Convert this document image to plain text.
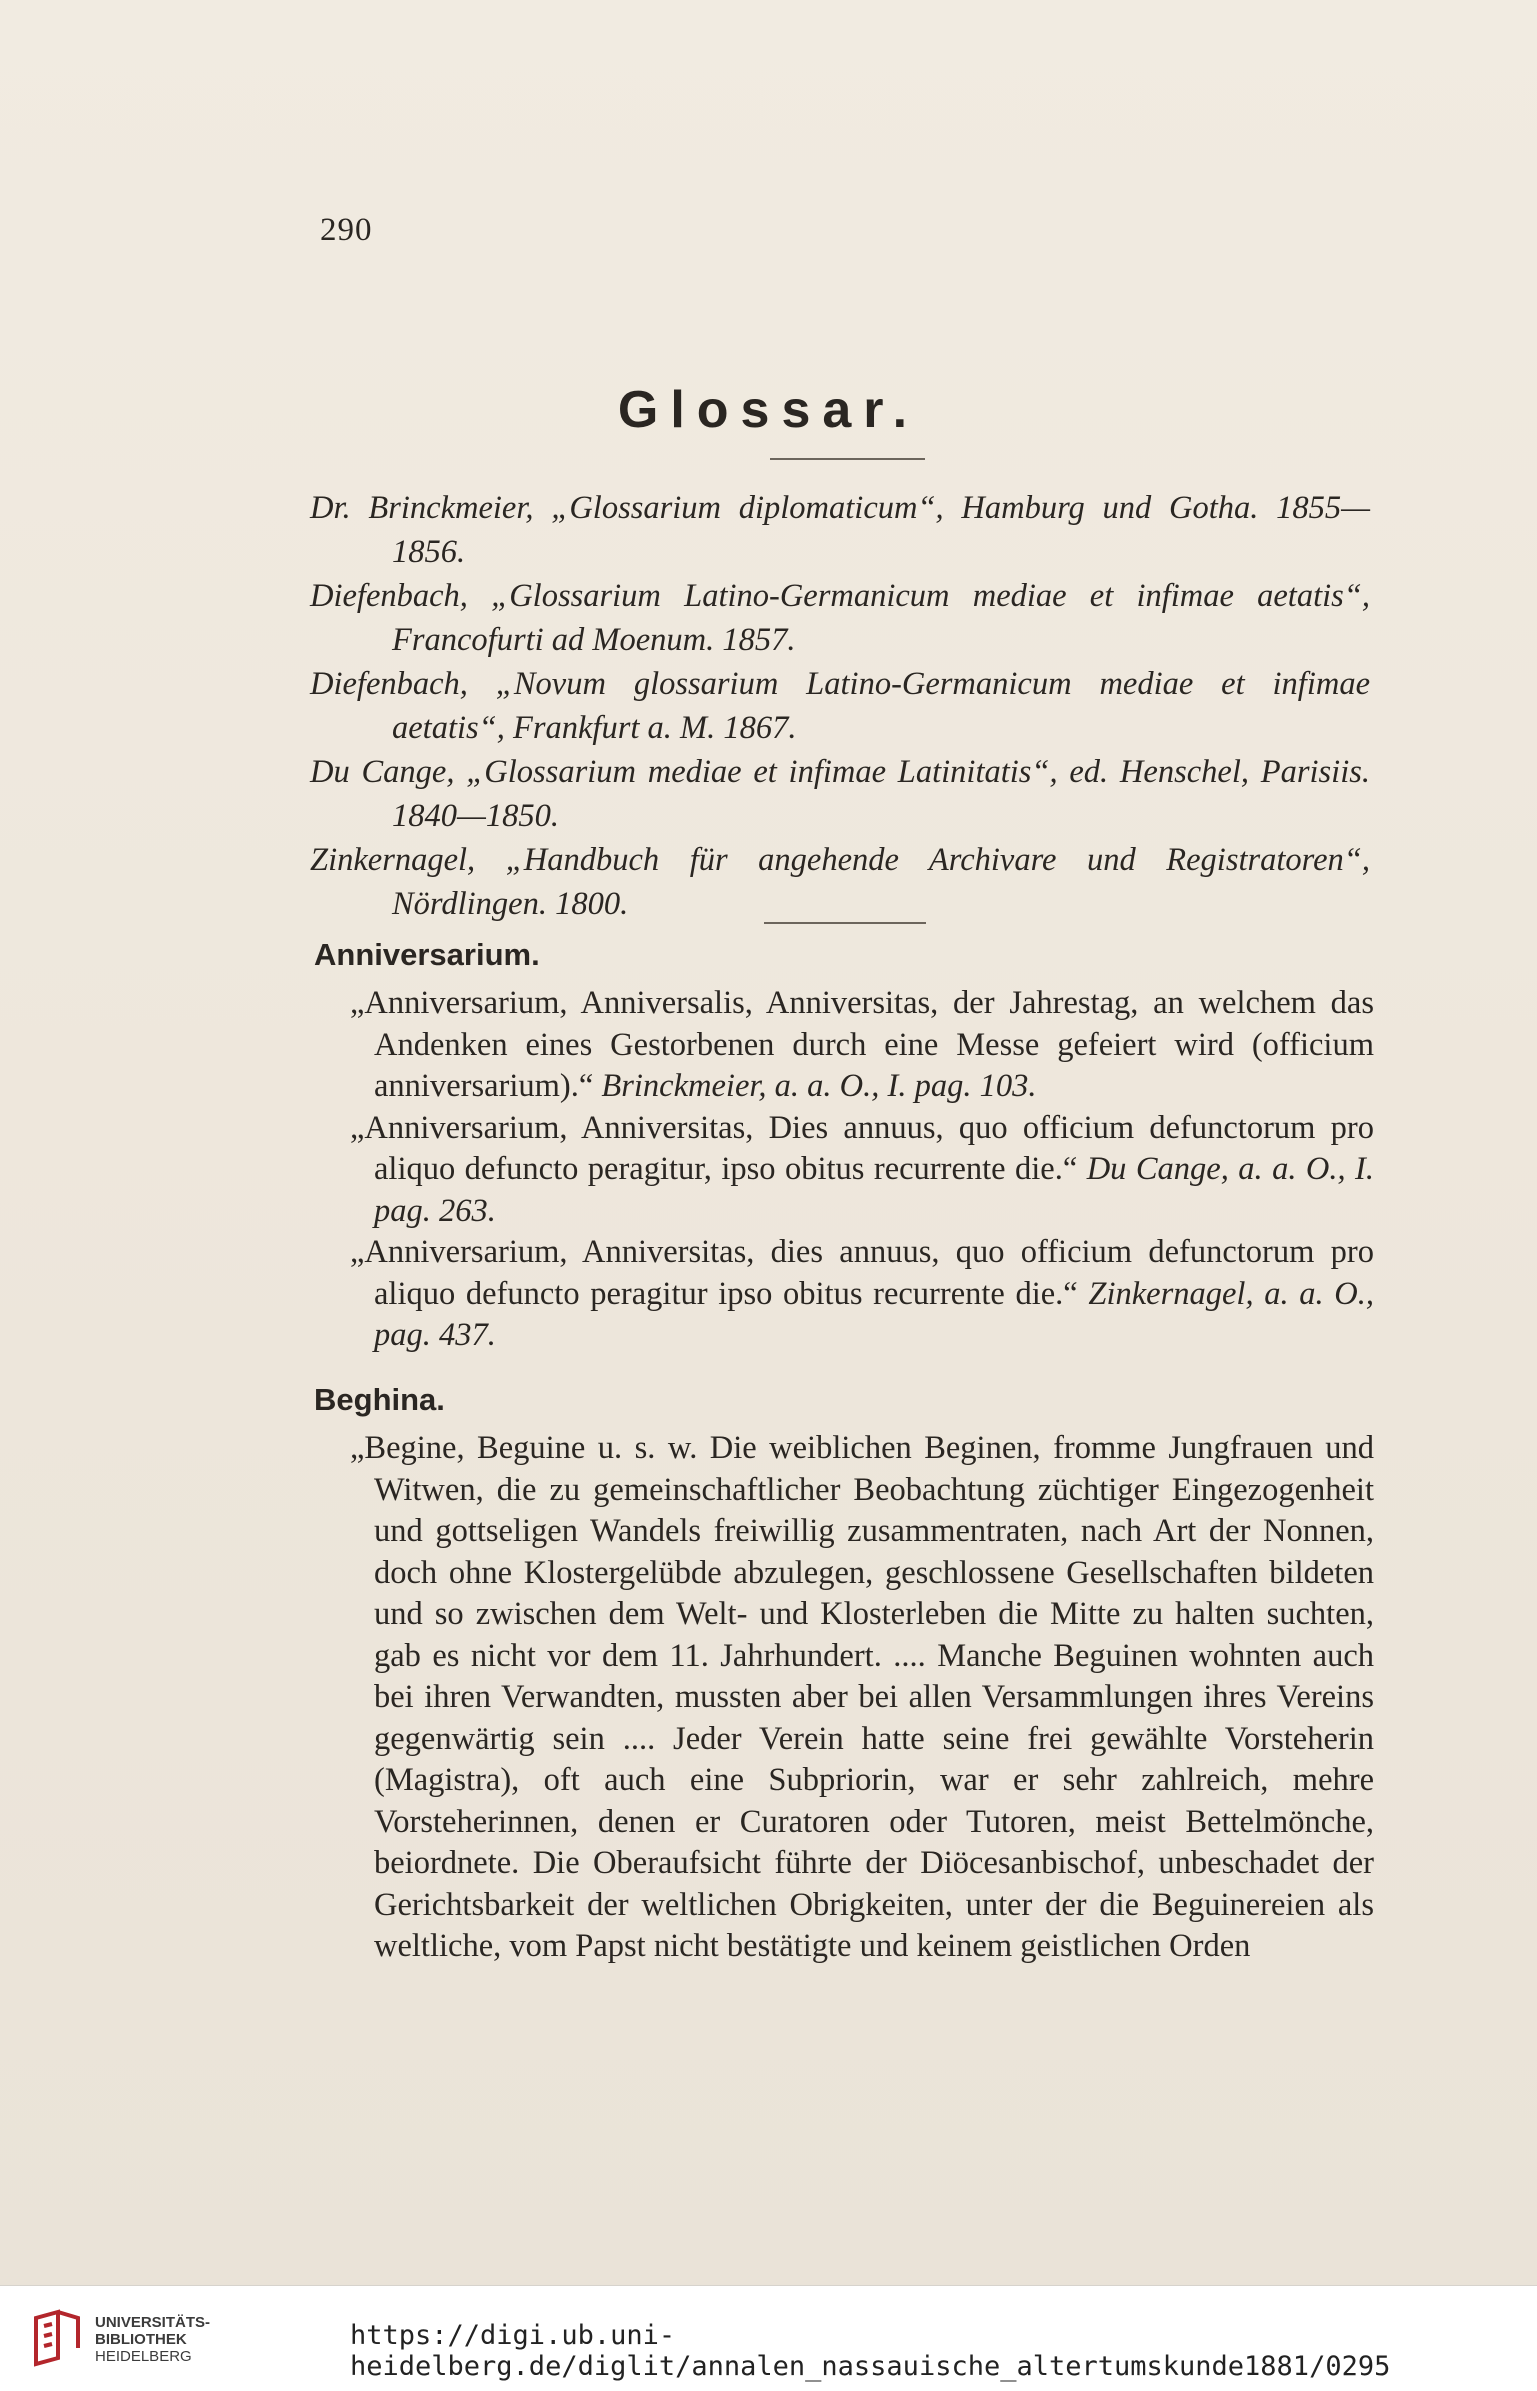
290
Glossar.

Dr. Brinckmeier, „Glossarium diplomaticum“, Hamburg und Gotha. 1855—1856.

Diefenbach, „Glossarium Latino-Germanicum mediae et infimae aetatis“, Francofurti ad Moenum. 1857.

Diefenbach, „Novum glossarium Latino-Germanicum mediae et infimae aetatis“, Frankfurt a. M. 1867.

Du Cange, „Glossarium mediae et infimae Latinitatis“, ed. Henschel, Parisiis. 1840—1850.

Zinkernagel, „Handbuch für angehende Archivare und Registratoren“, Nördlingen. 1800.

Anniversarium.

„Anniversarium, Anniversalis, Anniversitas, der Jahrestag, an welchem das Andenken eines Gestorbenen durch eine Messe gefeiert wird (officium anniversarium).“ Brinckmeier, a. a. O., I. pag. 103.

„Anniversarium, Anniversitas, Dies annuus, quo officium defunctorum pro aliquo defuncto peragitur, ipso obitus recurrente die.“ Du Cange, a. a. O., I. pag. 263.

„Anniversarium, Anniversitas, dies annuus, quo officium defunctorum pro aliquo defuncto peragitur ipso obitus recurrente die.“ Zinkernagel, a. a. O., pag. 437.

Beghina.

„Begine, Beguine u. s. w. Die weiblichen Beginen, fromme Jungfrauen und Witwen, die zu gemeinschaftlicher Beobachtung züchtiger Eingezogenheit und gottseligen Wandels freiwillig zusammentraten, nach Art der Nonnen, doch ohne Klostergelübde abzulegen, geschlossene Gesellschaften bildeten und so zwischen dem Welt- und Klosterleben die Mitte zu halten suchten, gab es nicht vor dem 11. Jahrhundert. .... Manche Beguinen wohnten auch bei ihren Verwandten, mussten aber bei allen Versammlungen ihres Vereins gegenwärtig sein .... Jeder Verein hatte seine frei gewählte Vorsteherin (Magistra), oft auch eine Subpriorin, war er sehr zahlreich, mehre Vorsteherinnen, denen er Curatoren oder Tutoren, meist Bettelmönche, beiordnete. Die Oberaufsicht führte der Diöcesanbischof, unbeschadet der Gerichtsbarkeit der weltlichen Obrigkeiten, unter der die Beguinereien als weltliche, vom Papst nicht bestätigte und keinem geistlichen Orden

UNIVERSITÄTS-
BIBLIOTHEK
HEIDELBERG
https://digi.ub.uni-heidelberg.de/diglit/annalen_nassauische_altertumskunde1881/0295
